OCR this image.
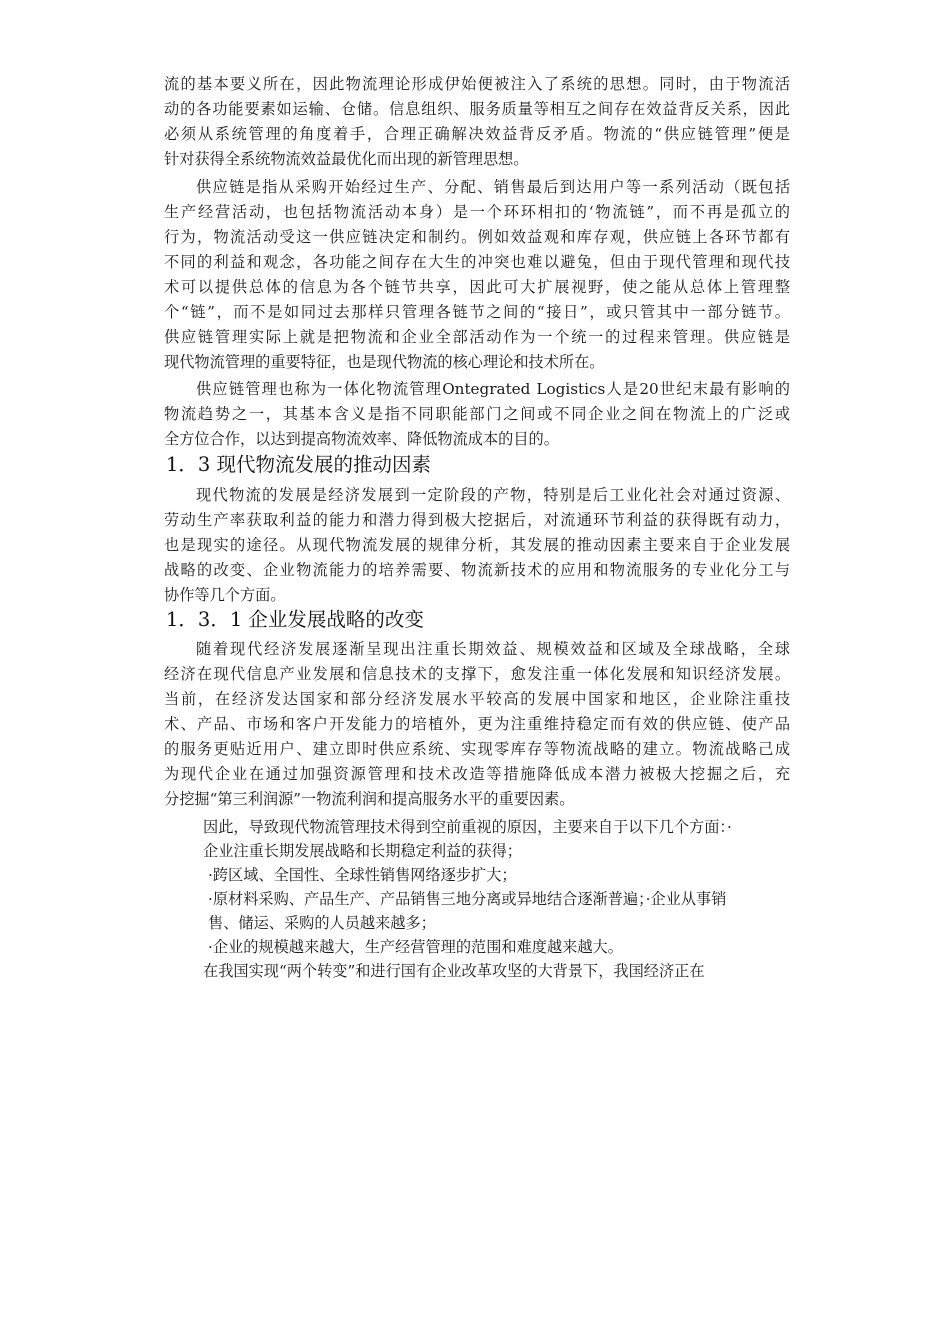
流的基本要义所在，因此物流理论形成伊始便被注入了系统的思想。同时，由于物流活
动的各功能要素如运输、仓储。信息组织、服务质量等相互之间存在效益背反关系，因此
必须从系统管理的角度着手，合理正确解决效益背反矛盾。物流的“供应链管理”便是
针对获得全系统物流效益最优化而出现的新管理思想。
供应链是指从采购开始经过生产、分配、销售最后到达用户等一系列活动（既包括
生产经营活动，也包括物流活动本身）是一个环环相扣的‘物流链”，而不再是孤立的
行为，物流活动受这一供应链决定和制约。例如效益观和库存观，供应链上各环节都有
不同的利益和观念，各功能之间存在大生的冲突也难以避兔，但由于现代管理和现代技
术可以提供总体的信息为各个链节共享，因此可大扩展视野，使之能从总体上管理整
个“链”，而不是如同过去那样只管理各链节之间的“接日”，或只管其中一部分链节。
供应链管理实际上就是把物流和企业全部活动作为一个统一的过程来管理。供应链是
现代物流管理的重要特征，也是现代物流的核心理论和技术所在。
供应链管理也称为一体化物流管理Ontegrated Logistics人是20世纪末最有影响的
物流趋势之一，其基本含义是指不同职能部门之间或不同企业之间在物流上的广泛或
全方位合作，以达到提高物流效率、降低物流成本的目的。
1．3 现代物流发展的推动因素
现代物流的发展是经济发展到一定阶段的产物，特别是后工业化社会对通过资源、
劳动生产率获取利益的能力和潜力得到极大挖据后，对流通环节利益的获得既有动力，
也是现实的途径。从现代物流发展的规律分析，其发展的推动因素主要来自于企业发展
战略的改变、企业物流能力的培养需要、物流新技术的应用和物流服务的专业化分工与
协作等几个方面。
1．3．1 企业发展战略的改变
随着现代经济发展逐渐呈现出注重长期效益、规模效益和区域及全球战略，全球
经济在现代信息产业发展和信息技术的支撑下，愈发注重一体化发展和知识经济发展。
当前，在经济发达国家和部分经济发展水平较高的发展中国家和地区，企业除注重技
术、产品、市场和客户开发能力的培植外，更为注重维持稳定而有效的供应链、使产品
的服务更贴近用户、建立即时供应系统、实现零库存等物流战略的建立。物流战略己成
为现代企业在通过加强资源管理和技术改造等措施降低成本潜力被极大挖掘之后，充
分挖掘“第三利润源”一物流利润和提高服务水平的重要因素。
因此，导致现代物流管理技术得到空前重视的原因，主要来自于以下几个方面：·
企业注重长期发展战略和长期稳定利益的获得；
·跨区域、全国性、全球性销售网络逐步扩大；
·原材料采购、产品生产、产品销售三地分离或异地结合逐渐普遍；·企业从事销
售、储运、采购的人员越来越多；
·企业的规模越来越大，生产经营管理的范围和难度越来越大。
在我国实现“两个转变”和进行国有企业改革攻坚的大背景下，我国经济正在
